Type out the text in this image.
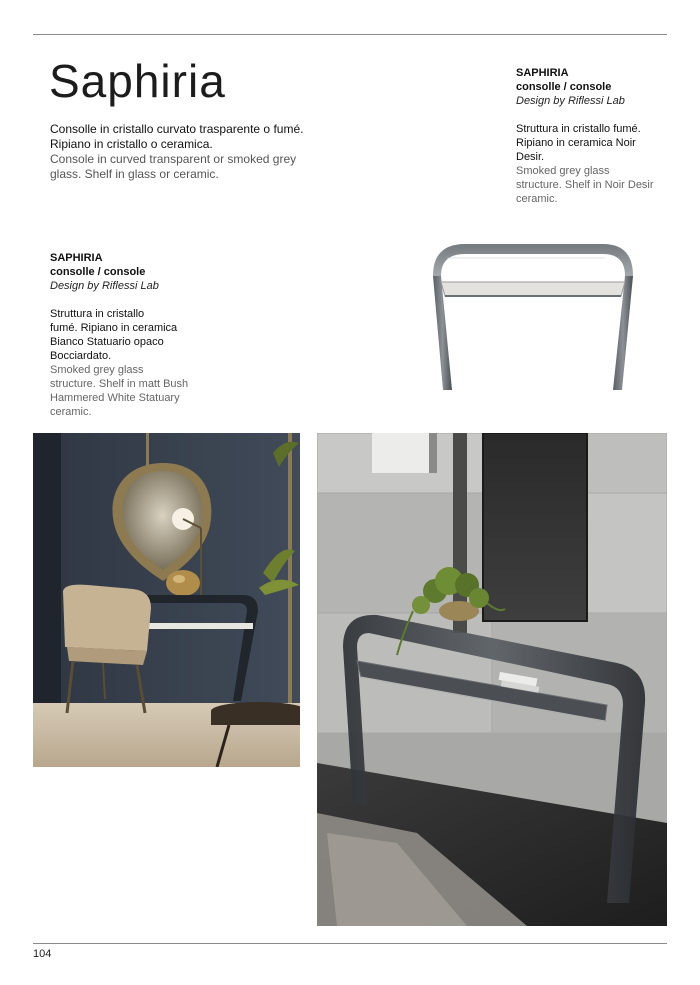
Saphiria
Consolle in cristallo curvato trasparente o fumé.
Ripiano in cristallo o ceramica.
Console in curved transparent or smoked grey
glass. Shelf in glass or ceramic.
SAPHIRIA
consolle / console
Design by Riflessi Lab
Struttura in cristallo fumé.
Ripiano in ceramica Noir
Desir.
Smoked grey glass
structure. Shelf in Noir Desir
ceramic.
SAPHIRIA
consolle / console
Design by Riflessi Lab
Struttura in cristallo
fumé. Ripiano in ceramica
Bianco Statuario opaco
Bocciardato.
Smoked grey glass
structure. Shelf in matt Bush
Hammered White Statuary
ceramic.
104
